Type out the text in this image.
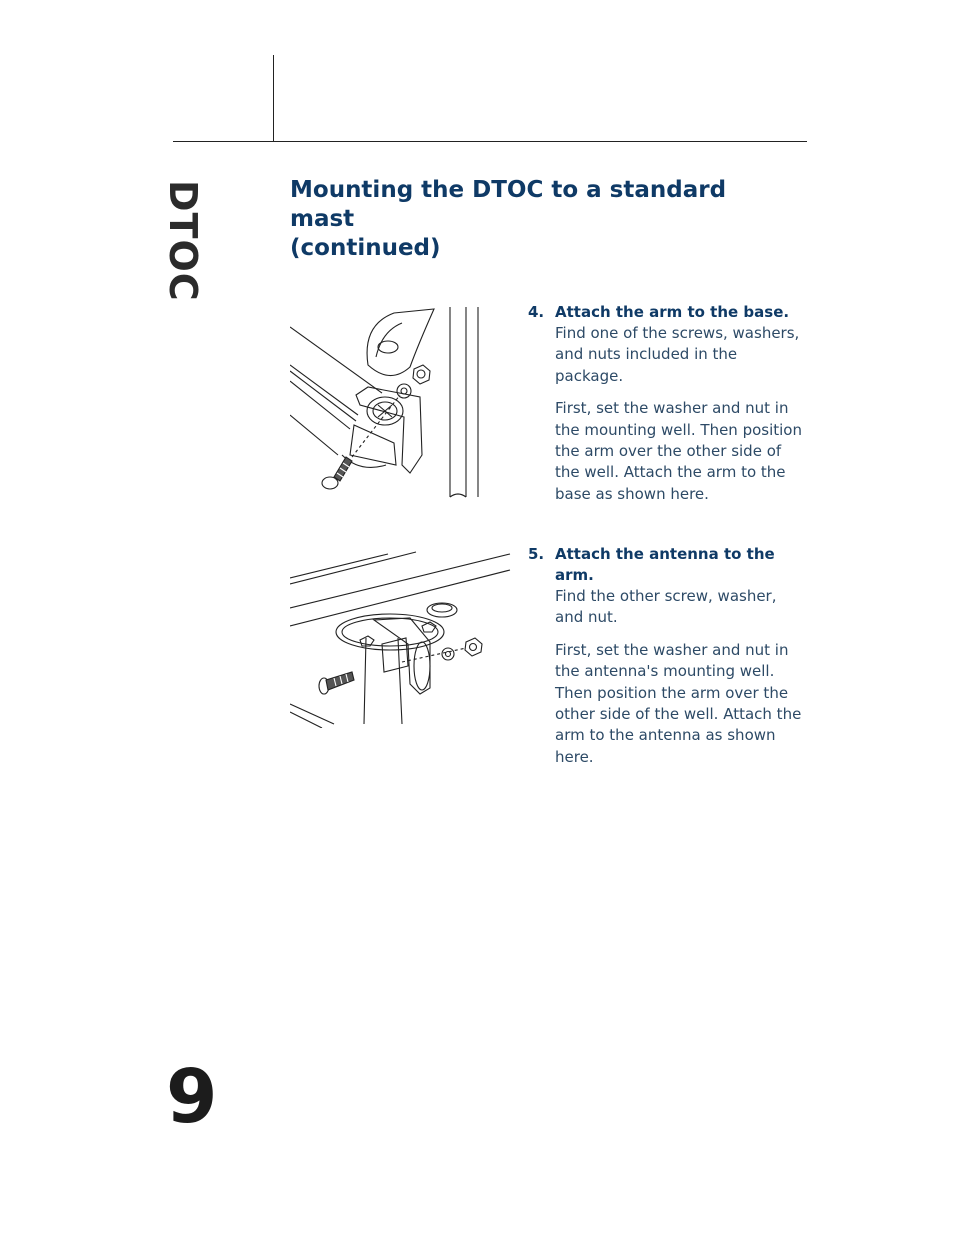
DTOC	Mounting the DTOC to a standard mast
(continued)
4. Attach the arm to the base.

Find one of the screws, washers, and nuts included in the package.

First, set the washer and nut in the mounting well. Then position the arm over the other side of the well. Attach the arm to the base as shown here.

5. Attach the antenna to the arm.

Find the other screw, washer, and nut.

First, set the washer and nut in the antenna's mounting well. Then position the arm over the other side of the well. Attach the arm to the antenna as shown here.

9
